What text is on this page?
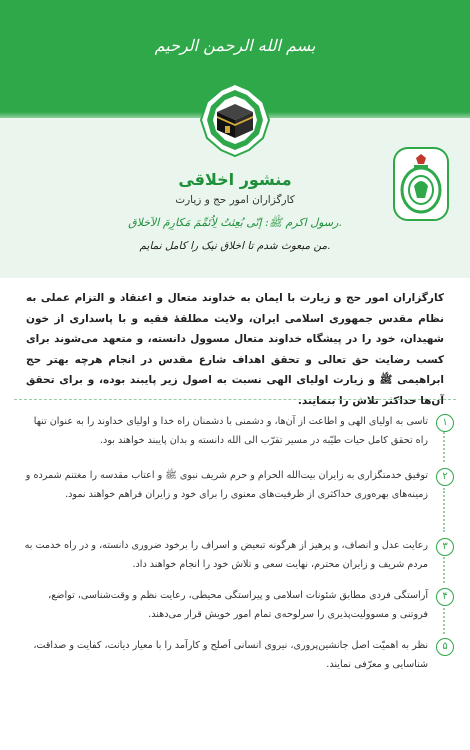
بسم الله الرحمن الرحیم
منشور اخلاقی
کارگزاران امور حج و زیارت
رسول اکرم ﷺ: إنّی بُعِثتُ لِاُتَمِّمَ مَکارِمَ الاَخلاق.
من مبعوث شدم تا اخلاق نیک را کامل نمایم.
کارگزاران امور حج و زیارت با ایمان به خداوند متعال و اعتقاد و التزام عملی به نظام مقدس جمهوری اسلامی ایران، ولایت مطلقهٔ فقیه و با پاسداری از خون شهیدان، خود را در پیشگاه خداوند متعال مسوول دانسته، و متعهد می‌شوند برای کسب رضایت حق تعالی و تحقق اهداف شارع مقدس در انجام هرچه بهتر حج ابراهیمی ﷺ و زیارت اولیای الهی نسبت به اصول زیر پایبند بوده، و برای تحقق آن‌ها حداکثر تلاش را بنمایند.
۱
تاسی به اولیای الهی و اطاعت از آن‌ها، و دشمنی با دشمنان راه خدا و اولیای خداوند را به عنوان تنها راه تحقق کامل حیات طیّبه در مسیر تقرّب الی الله دانسته و بدان پایبند خواهند بود.
۲
توفیق خدمتگزاری به زایران بیت‌الله الحرام و حرم شریف نبوی ﷺ و اعتاب مقدسه را مغتنم شمرده و زمینه‌های بهره‌وری حداکثری از ظرفیت‌های معنوی را برای خود و زایران فراهم خواهند نمود.
۳
رعایت عدل و انصاف، و پرهیز از هرگونه تبعیض و اسراف را برخود ضروری دانسته، و در راه خدمت به مردم شریف و زایران محترم، نهایت سعی و تلاش خود را انجام خواهند داد.
۴
آراستگی فردی مطابق شئونات اسلامی و پیراستگی محیطی، رعایت نظم و وقت‌شناسی، تواضع، فروتنی و مسوولیت‌پذیری را سرلوحه‌ی تمام امور خویش قرار می‌دهند.
۵
نظر به اهمیّت اصل جانشین‌پروری، نیروی انسانی اَصلح و کارآمد را با معیار دیانت، کفایت و صداقت، شناسایی و معرّفی نمایند.
